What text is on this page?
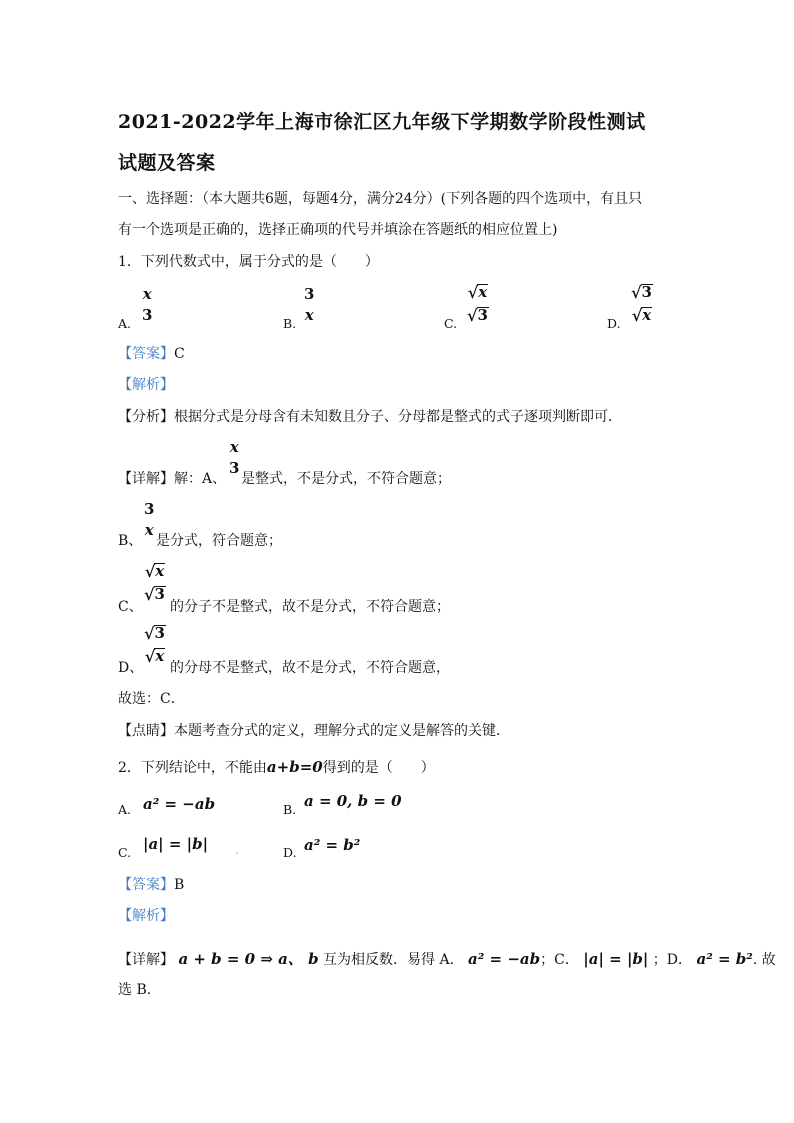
2021-2022学年上海市徐汇区九年级下学期数学阶段性测试
试题及答案
一、选择题：（本大题共6题，每题4分，满分24分）(下列各题的四个选项中，有且只
有一个选项是正确的，选择正确项的代号并填涂在答题纸的相应位置上)
1．下列代数式中，属于分式的是（　　）
A.
x
3	B.
3
x	C.
√ x
√ 3	D.
√ 3
√ x
【答案】C
【解析】
【分析】根据分式是分母含有未知数且分子、分母都是整式的式子逐项判断即可．
【详解】解：A、
x
3
是整式，不是分式，不符合题意；
B、
3
x
是分式，符合题意；
C、
√ x
√ 3
的分子不是整式，故不是分式，不符合题意；
D、
√ 3
√ x
的分母不是整式，故不是分式，不符合题意，
故选：C．
【点睛】本题考查分式的定义，理解分式的定义是解答的关键．
2．下列结论中，不能由a+b=0得到的是（　　）
A. a² = −ab	B. a = 0, b = 0
C. |a| = |b|	D. a² = b²
【答案】B
【解析】
【详解】 a + b = 0 ⇒ a、 b 互为相反数．易得 A． a² = −ab；C． |a| = |b| ；D． a² = b². 故
选 B.
